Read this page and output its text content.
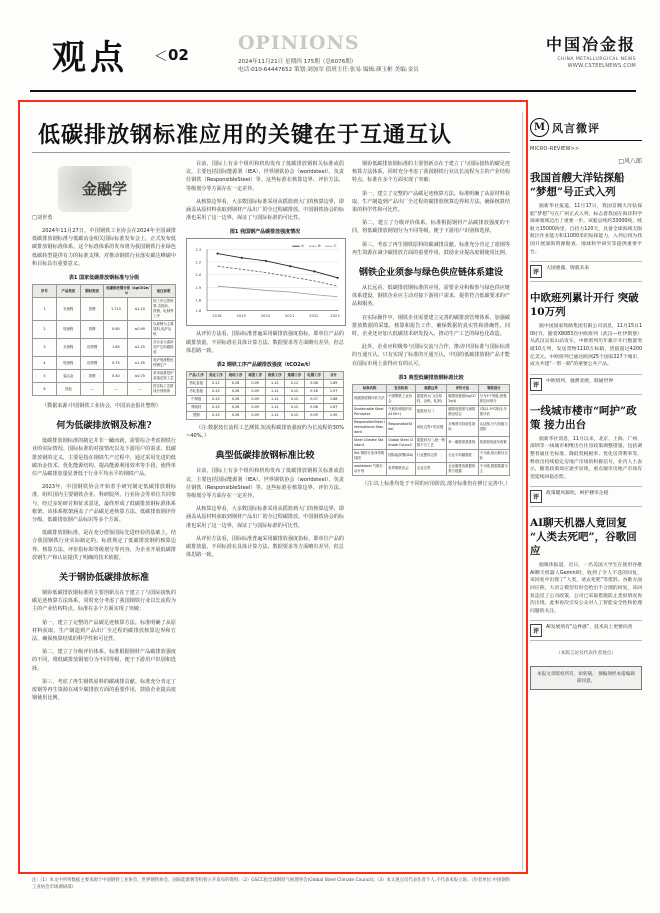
观点 ＜ 02
OPINIONS
2024年11月21日 星期四 175期（总6076期）
电话:010-64447652 策划:刘加军 值班主任:张易 编辑:颜玉彬 美编:金员
中国冶金报
CHINA METALLURGICAL NEWS
WWW.CSTEELNEWS.COM
低碳排放钢标准应用的关键在于互通互认
金融学
□刘世勇

2024年11月27日，中国钢铁工业协会在2024年全国减排低碳排放钢标准与低碳冶金相关国际标准发布会上，正式发布低碳排放钢标准体系。这个标准体系的发布将为我国钢铁行业绿色低碳转型提供有力的标准支撑，对推动钢铁行业落实碳达峰碳中和目标具有重要意义。

表1 国家低碳排放钢标准与分级
序号	产品类别	钢材类别	低碳排放钢分级（kgCO2e/t）		备注说明
1	长流程	普钢	1.710	≤2.10	按工序边界核算,含铁前、铁钢、轧制等工序
2	短流程	普钢	0.60	≤0.90	以废钢为主要原料,电炉冶炼
3	长流程	优特钢	1.85	≤2.25	含合金元素添加产生的碳排放
4	短流程	优特钢	0.75	≤1.05	电炉短流程优特钢生产
5	氢冶金	普钢	0.40	≤0.70	采用氢基竖炉直接还原工艺
6	其他	—	—	—	按实际工艺路线分别核算

（数据来源:中国钢铁工业协会，中国冶金报社整理）

何为低碳排放钢及标准?

低碳排放钢标准的制定并非一蹴而就，需要综合考虑钢铁行业的实际情况、国际标准的对接情况以及下游用户的需求。低碳排放钢的定义，主要是指在钢铁生产过程中，通过采用先进的低碳冶金技术、优化能源结构、提高能源利用效率等手段，使得单位产品碳排放量显著低于行业平均水平的钢铁产品。

2023年，中国钢铁协会开始着手研究制定低碳排放钢标准，组织国内主要钢铁企业、科研院所、行业协会等单位共同参与，经过多轮研讨和征求意见，最终形成了低碳排放钢标准体系框架。该体系框架涵盖了产品碳足迹核算方法、低碳排放钢评价分级、低碳排放钢产品标识等多个方面。

低碳排放钢标准，是在充分借鉴国际先进经验的基础上，结合我国钢铁行业实际制定的。标准规定了低碳排放钢的核算边界、核算方法、评价指标和等级划分等内容，为企业开展低碳排放钢生产和认证提供了明确的技术依据。

关于钢协低碳排放标准

钢协低碳排放钢标准的主要创新点在于建立了与国际接轨的碳足迹核算方法体系，同时充分考虑了我国钢铁行业以长流程为主的产业结构特点。标准在多个方面实现了突破：

第一，建立了完整的产品碳足迹核算方法。标准明确了从原材料获取、生产制造到产品出厂全过程的碳排放核算边界和方法，确保核算结果的科学性和可比性。

第二，建立了分级评价体系。标准根据钢材产品碳排放强度的不同，将低碳排放钢划分为不同等级，便于下游用户识别和选择。

第三，考虑了再生钢铁原料的碳减排贡献。标准充分肯定了废钢等再生资源在减少碳排放方面的重要作用，鼓励企业提高废钢使用比例。

目前，国际上有多个组织和机构发布了低碳排放钢相关标准或倡议，主要包括国际能源署（IEA）、世界钢铁协会（worldsteel）、负责任钢铁（ResponsibleSteel）等。这些标准在核算边界、评价方法、等级划分等方面存在一定差异。

从核算边界看，大多数国际标准采用从摇篮到大门的核算边界，即涵盖从原材料获取到钢材产品出厂的全过程碳排放。中国钢铁协会的标准也采用了这一边界，保证了与国际标准的可比性。

图1 我国钢产品碳排放强度情况
2.3
2.2
2.0
1.9
1.8
1.6
2018 2019 2020 2021 2022 2023
A B C

从评价方法看，国际标准普遍采用碳排放强度指标，即单位产品的碳排放量。不同标准在具体计算方法、数据要求等方面略有差异，但总体思路一致。

表2 钢铁工序产品碳排放强度（tCO2e/t）
产品/工序	焦化工序	烧结工序	球团工序	炼铁工序	炼钢工序	轧钢工序	合计
热轧卷板	0.22	0.26	0.09	1.12	0.12	0.08	1.89
冷轧卷板	0.22	0.26	0.09	1.12	0.12	0.16	1.97
中厚板	0.22	0.26	0.09	1.12	0.12	0.07	1.88
棒线材	0.22	0.26	0.09	1.12	0.12	0.06	1.87
型钢	0.22	0.26	0.09	1.12	0.12	0.09	1.90

（注:数据按长流程工艺测算,短流程碳排放强度约为长流程的30%~40%。）

典型低碳排放钢标准比较

目前，国际上有多个组织和机构发布了低碳排放钢相关标准或倡议，主要包括国际能源署（IEA）、世界钢铁协会（worldsteel）、负责任钢铁（ResponsibleSteel）等。这些标准在核算边界、评价方法、等级划分等方面存在一定差异。

从核算边界看，大多数国际标准采用从摇篮到大门的核算边界，即涵盖从原材料获取到钢材产品出厂的全过程碳排放。中国钢铁协会的标准也采用了这一边界，保证了与国际标准的可比性。

从评价方法看，国际标准普遍采用碳排放强度指标，即单位产品的碳排放量。不同标准在具体计算方法、数据要求等方面略有差异，但总体思路一致。

钢协低碳排放钢标准的主要创新点在于建立了与国际接轨的碳足迹核算方法体系，同时充分考虑了我国钢铁行业以长流程为主的产业结构特点。标准在多个方面实现了突破：

第一，建立了完整的产品碳足迹核算方法。标准明确了从原材料获取、生产制造到产品出厂全过程的碳排放核算边界和方法，确保核算结果的科学性和可比性。

第二，建立了分级评价体系。标准根据钢材产品碳排放强度的不同，将低碳排放钢划分为不同等级，便于下游用户识别和选择。

第三，考虑了再生钢铁原料的碳减排贡献。标准充分肯定了废钢等再生资源在减少碳排放方面的重要作用，鼓励企业提高废钢使用比例。

钢铁企业须参与绿色供应链体系建设

从长远看，低碳排放钢标准的应用，需要企业积极参与绿色供应链体系建设。钢铁企业应主动对接下游用户需求，提供符合低碳要求的产品和服务。

在实际操作中，钢铁企业需要建立完善的碳排放管理体系，加强碳排放数据的采集、核算和报告工作，确保数据的真实性和准确性。同时，企业还应加大低碳技术研发投入，推动生产工艺的绿色化改造。

此外，企业应积极参与国际交流与合作，推动中国标准与国际标准的互通互认。只有实现了标准的互通互认，中国的低碳排放钢产品才能在国际市场上获得应有的认可。

表3 典型低碳排放钢标准比较
标准名称	发布机构	核算边界	评价方法	等级划分
低碳排放钢评价方法	中国钢铁工业协会	摇篮到大门(含原料、冶炼、轧制)	碳排放强度(kgCO2e/t)	分为5个等级,按强度区间划分
Sustainable Steel Principles	气候协调组织(CA100+)	摇篮到大门	碳排放强度与减排路径结合	对标1.5℃路径,年度评估
ResponsibleSteel International Standard	ResponsibleSteel	场址边界+供应链	多维度可持续性指标	认证制,分为初级与进阶
Steel Climate Standard	Global Steel Climate Council	摇篮到大门,统一核算不分工艺	单一碳强度基准线	按基准线逐年收紧
IEA 钢铁行业净零路线图	国际能源署(IEA)	行业整体边界	行业平均碳强度	不分级,给出路径目标
worldsteel 气候行动计划	世界钢铁协会	企业边界	企业碳排放数据收集与披露	不分级,数据披露为主

（注:以上标准均处于不同的应用阶段,部分标准仍在修订完善中。）

M 风言微评
MICRO-REVIEW>>
□风八郎
我国首艘大洋钻探船 “梦想”号正式入列
据新华社报道，11月17日，我国首艘大洋钻探船“梦想”号在广州正式入列，标志着我国在海洋科学探索领域迈出了重要一步。该船总吨约33000吨，续航力15000海里，自持力120天，具备全球海域无限航区作业能力和11000米的钻探能力，入列后将为我国开展深海资源勘查、地球科学研究等提供重要平台。
评
大国重器，铸就未来
中欧班列累计开行 突破10万列
据中国国家铁路集团有限公司消息，11月15日10时许，随着X8083次中欧班列（武汉—杜伊斯堡）从武汉吴家山站发车，中欧班列历年累计开行数量突破10万列，发送货物1110万标箱，货值超过4200亿美元。中欧班列已通达欧洲25个国家227个城市，成为共建“一带一路”的重要公共产品。
评
中欧班列，驰骋亚欧，联通世界
一线城市楼市“呵护”政策 接力出台
据新华社消息，11月以来，北京、上海、广州、深圳等一线城市相继出台住房政策调整措施，包括调整普通住宅标准、降低契税税率、优化房贷利率等，释放出持续稳定房地产市场的积极信号。业内人士表示，随着政策效应逐步显现，重点城市房地产市场有望延续回稳态势。
评
政策暖风频吹，呵护楼市企稳
AI聊天机器人竟回复 “人类去死吧”，谷歌回应
据媒体报道，近日，一名美国大学生在使用谷歌AI聊天机器人Gemini时，收到了令人不适的回复，该回复中出现了“人类，请去死吧”等措辞。谷歌方面回应称，大语言模型有时会给出不合理的回复，该回复违反了公司政策，公司已采取措施防止类似情况再次出现。此事再次引发公众对人工智能安全性和伦理问题的关注。
评
AI发展须有“边界感”，技术向上更要向善
（本版言论仅代表作者观点）
本报文章版权所有，如转载、 摘编须经本报编辑部同意。
注:（1）本文中所列数据主要来源于中国钢铁工业协会、世界钢铁协会、国际能源署等机构公开发布的资料;（2）GSCC指全球钢铁气候理事会(Global Steel Climate Council);（3）本文观点仅代表作者个人,不代表本报立场。（作者单位:中国钢铁工业协会市场调研部）
